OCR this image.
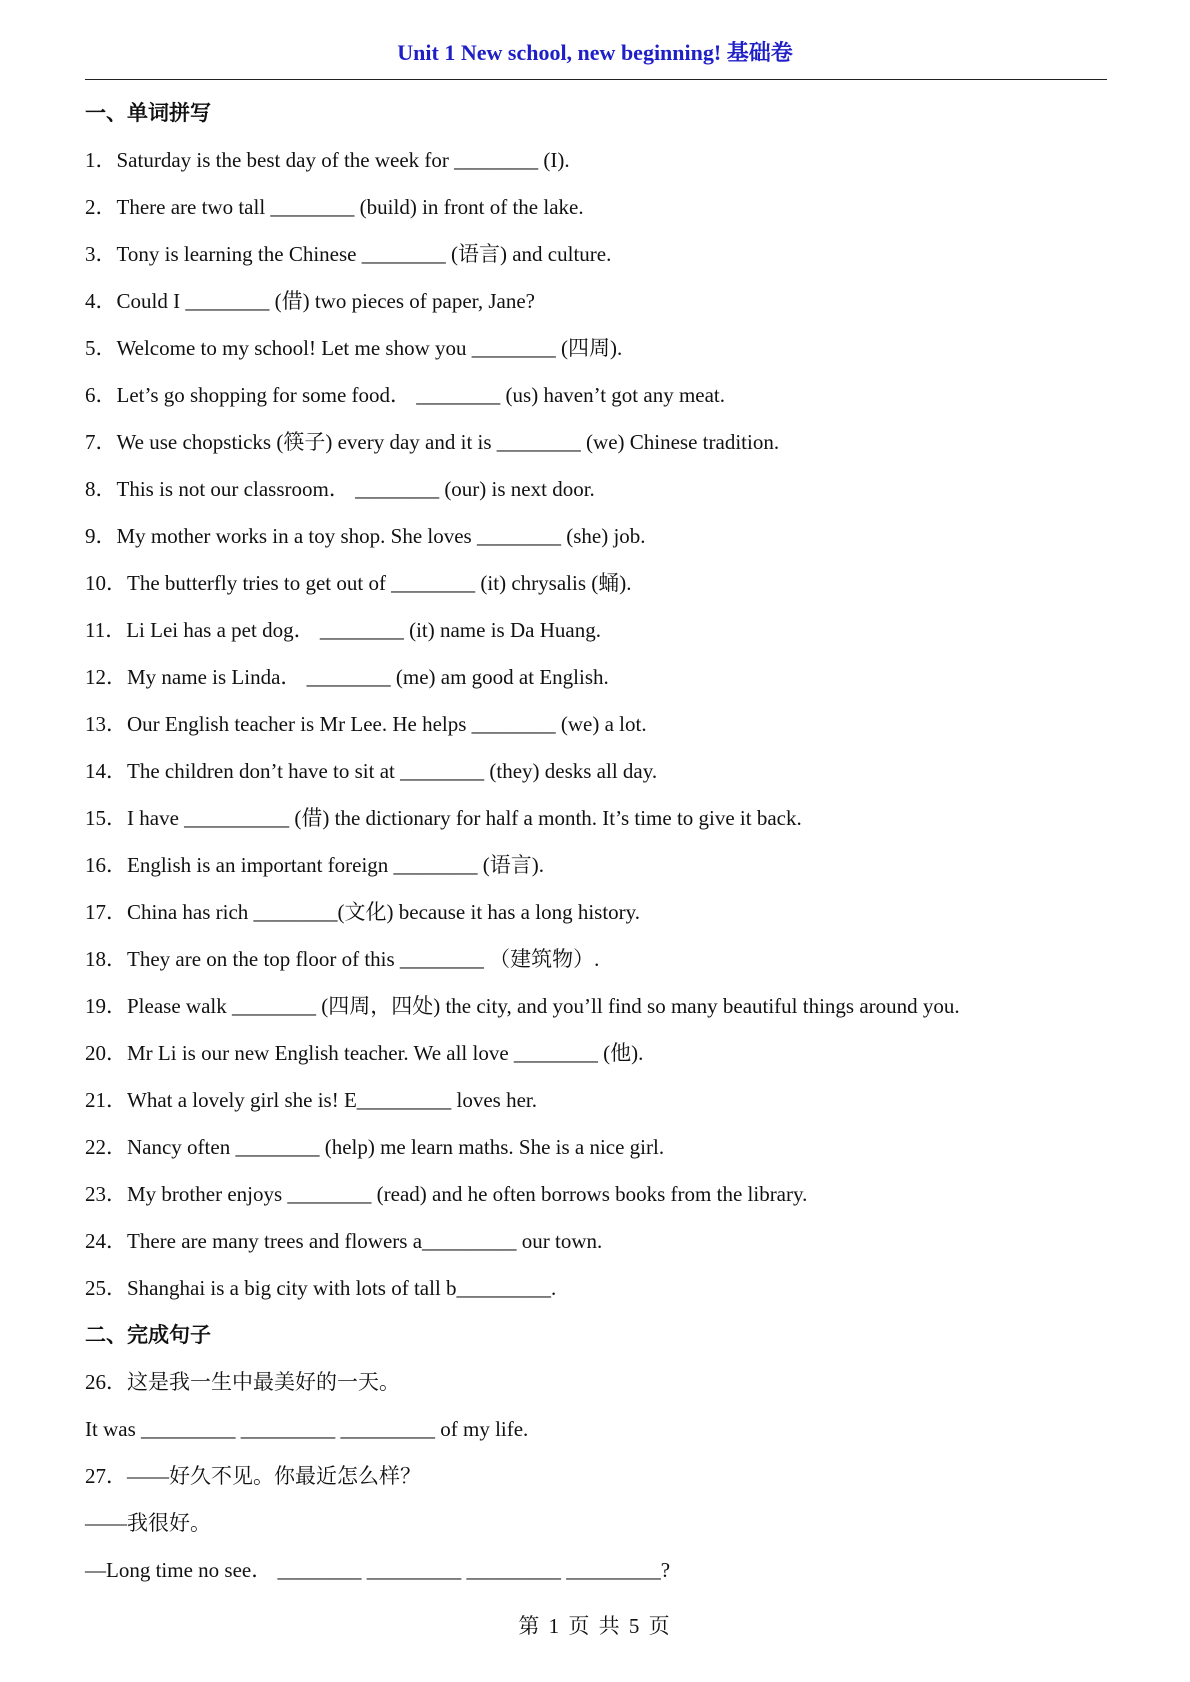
Unit 1 New school, new beginning! 基础卷
一、单词拼写
1．Saturday is the best day of the week for ________ (I).
2．There are two tall ________ (build) in front of the lake.
3．Tony is learning the Chinese ________ (语言) and culture.
4．Could I ________ (借) two pieces of paper, Jane?
5．Welcome to my school! Let me show you ________ (四周).
6．Let’s go shopping for some food． ________ (us) haven’t got any meat.
7．We use chopsticks (筷子) every day and it is ________ (we) Chinese tradition.
8．This is not our classroom． ________ (our) is next door.
9．My mother works in a toy shop. She loves ________ (she) job.
10．The butterfly tries to get out of ________ (it) chrysalis (蛹).
11．Li Lei has a pet dog． ________ (it) name is Da Huang.
12．My name is Linda． ________ (me) am good at English.
13．Our English teacher is Mr Lee. He helps ________ (we) a lot.
14．The children don’t have to sit at ________ (they) desks all day.
15．I have __________ (借) the dictionary for half a month. It’s time to give it back.
16．English is an important foreign ________ (语言).
17．China has rich ________(文化) because it has a long history.
18．They are on the top floor of this ________ （建筑物）.
19．Please walk ________ (四周，四处) the city, and you’ll find so many beautiful things around you.
20．Mr Li is our new English teacher. We all love ________ (他).
21．What a lovely girl she is! E_________ loves her.
22．Nancy often ________ (help) me learn maths. She is a nice girl.
23．My brother enjoys ________ (read) and he often borrows books from the library.
24．There are many trees and flowers a_________ our town.
25．Shanghai is a big city with lots of tall b_________.
二、完成句子
26．这是我一生中最美好的一天。
It was _________ _________ _________ of my life.
27．——好久不见。你最近怎么样？
——我很好。
—Long time no see． ________ _________ _________ _________?
第 1 页 共 5 页
